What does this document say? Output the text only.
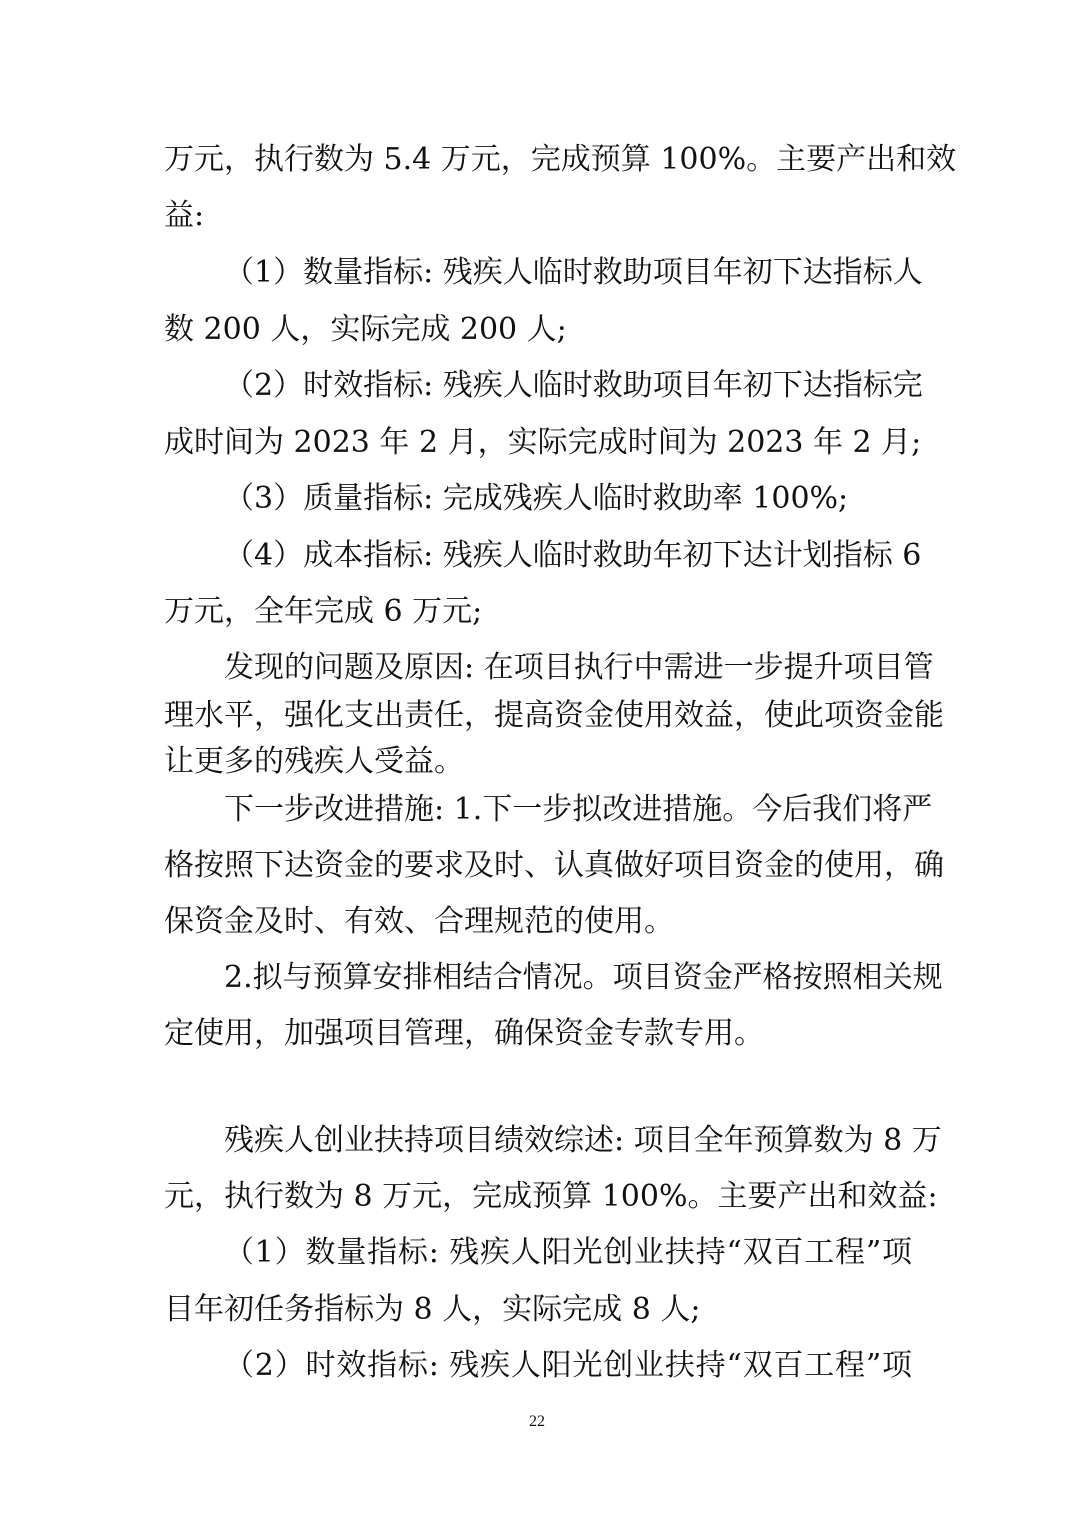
万元，执行数为 5.4 万元，完成预算 100%。主要产出和效
益:
（1）数量指标: 残疾人临时救助项目年初下达指标人
数 200 人，实际完成 200 人;
（2）时效指标: 残疾人临时救助项目年初下达指标完
成时间为 2023 年 2 月，实际完成时间为 2023 年 2 月;
（3）质量指标: 完成残疾人临时救助率 100%;
（4）成本指标: 残疾人临时救助年初下达计划指标 6
万元，全年完成 6 万元;
发现的问题及原因: 在项目执行中需进一步提升项目管
理水平，强化支出责任，提高资金使用效益，使此项资金能
让更多的残疾人受益。
下一步改进措施: 1.下一步拟改进措施。今后我们将严
格按照下达资金的要求及时、认真做好项目资金的使用，确
保资金及时、有效、合理规范的使用。
2.拟与预算安排相结合情况。项目资金严格按照相关规
定使用，加强项目管理，确保资金专款专用。
残疾人创业扶持项目绩效综述: 项目全年预算数为 8 万
元，执行数为 8 万元，完成预算 100%。主要产出和效益:
（1）数量指标: 残疾人阳光创业扶持“双百工程”项
目年初任务指标为 8 人，实际完成 8 人;
（2）时效指标: 残疾人阳光创业扶持“双百工程”项
22
